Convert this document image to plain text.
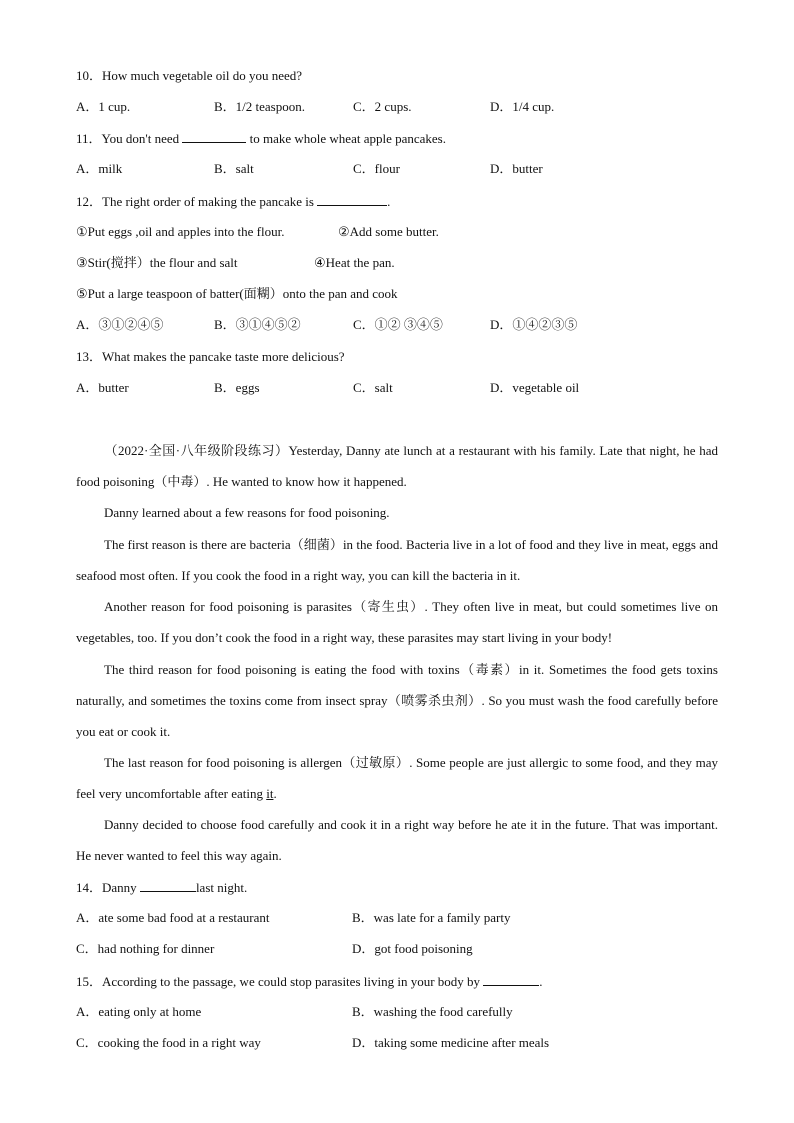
10．How much vegetable oil do you need?
A．1 cup.	B．1/2 teaspoon.	C．2 cups.	D．1/4 cup.
11．You don't need	to make whole wheat apple pancakes.
A．milk	B．salt	C．flour	D．butter
12．The right order of making the pancake is	.
①Put eggs ,oil and apples into the flour.	②Add some butter.
③Stir(搅拌）the flour and salt	④Heat the pan.
⑤Put a large teaspoon of batter(面糊）onto the pan and cook
A．③①②④⑤	B．③①④⑤②	C．①② ③④⑤	D．①④②③⑤
13．What makes the pancake taste more delicious?
A．butter	B．eggs	C．salt	D．vegetable oil
（2022·全国·八年级阶段练习）Yesterday, Danny ate lunch at a restaurant with his family. Late that night, he had food poisoning（中毒）. He wanted to know how it happened.
Danny learned about a few reasons for food poisoning.
The first reason is there are bacteria（细菌）in the food. Bacteria live in a lot of food and they live in meat, eggs and seafood most often. If you cook the food in a right way, you can kill the bacteria in it.
Another reason for food poisoning is parasites（寄生虫）. They often live in meat, but could sometimes live on vegetables, too. If you don’t cook the food in a right way, these parasites may start living in your body!
The third reason for food poisoning is eating the food with toxins（毒素）in it. Sometimes the food gets toxins naturally, and sometimes the toxins come from insect spray（喷雾杀虫剂）. So you must wash the food carefully before you eat or cook it.
The last reason for food poisoning is allergen（过敏原）. Some people are just allergic to some food, and they may feel very uncomfortable after eating it.
Danny decided to choose food carefully and cook it in a right way before he ate it in the future. That was important. He never wanted to feel this way again.
14．Danny	last night.
A．ate some bad food at a restaurant	B．was late for a family party
C．had nothing for dinner	D．got food poisoning
15．According to the passage, we could stop parasites living in your body by	.
A．eating only at home	B．washing the food carefully
C．cooking the food in a right way	D．taking some medicine after meals
